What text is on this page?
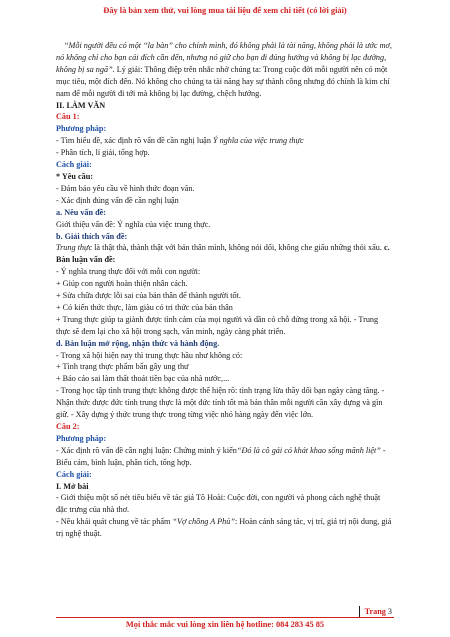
Đây là bản xem thử, vui lòng mua tài liệu để xem chi tiết (có lời giải)

“Mỗi người đều có một “la bàn” cho chính mình, đó không phải là tài năng, không phải là ước mơ, nó không chỉ cho bạn cái đích cần đến, nhưng nó giữ cho bạn đi đúng hướng và không bị lạc đường, không bị sa ngã”. Lý giải: Thông điệp trên nhắc nhở chúng ta: Trong cuộc đời mỗi người nên có một mục tiêu, một đích đến. Nó không cho chúng ta tài năng hay sự thành công nhưng đó chính là kim chỉ nam để mỗi người đi tới mà không bị lạc đường, chệch hướng.

II. LÀM VĂN

Câu 1:

Phương pháp:

- Tìm hiểu đề, xác định rõ vấn đề cần nghị luận Ý nghĩa của việc trung thực

- Phân tích, lí giải, tổng hợp.

Cách giải:

* Yêu cầu:

- Đảm bảo yêu cầu về hình thức đoạn văn.

- Xác định đúng vấn đề cần nghị luận

a. Nêu vấn đề:

Giới thiệu vấn đề: Ý nghĩa của việc trung thực.

b. Giải thích vấn đề:

Trung thực là thật thà, thành thật với bản thân mình, không nói dối, không che giấu những thói xấu. c. Bàn luận vấn đề:

- Ý nghĩa trung thực đối với mỗi con người:

+ Giúp con người hoàn thiện nhân cách.

+ Sửa chữa được lỗi sai của bản thân để thành người tốt.

+ Có kiến thức thực, làm giàu có tri thức của bản thân

+ Trung thực giúp ta giành được tình cảm của mọi người và dần có chỗ đứng trong xã hội. - Trung thực sẽ đem lại cho xã hội trong sạch, văn minh, ngày càng phát triển.

d. Bàn luận mở rộng, nhận thức và hành động.

- Trong xã hội hiện nay thì trung thực hầu như không có:

+ Tình trạng thực phẩm bẩn gây ung thư

+ Báo cáo sai làm thất thoát tiền bạc của nhà nước,...

- Trong học tập tình trung thực không được thể hiện rõ: tình trạng lừa thầy dối bạn ngày càng tăng. - Nhận thức được đức tính trung thực là một đức tính tốt mà bản thân mỗi người cần xây dựng và gìn giữ. - Xây dựng ý thức trung thực trong từng việc nhỏ hàng ngày đến việc lớn.

Câu 2:

Phương pháp:

- Xác định rõ vấn đề cần nghị luận: Chứng minh ý kiến“Đó là cô gái có khát khao sống mãnh liệt” - Biểu cảm, bình luận, phân tích, tổng hợp.

Cách giải:

I. Mở bài

- Giới thiệu một số nét tiêu biểu về tác giả Tô Hoài: Cuộc đời, con người và phong cách nghệ thuật đặc trưng của nhà thơ.

- Nêu khái quát chung về tác phẩm “Vợ chồng A Phủ”: Hoàn cảnh sáng tác, vị trí, giá trị nội dung, giá trị nghệ thuật.

Trang 3
Mọi thắc mắc vui lòng xin liên hệ hotline: 084 283 45 85
